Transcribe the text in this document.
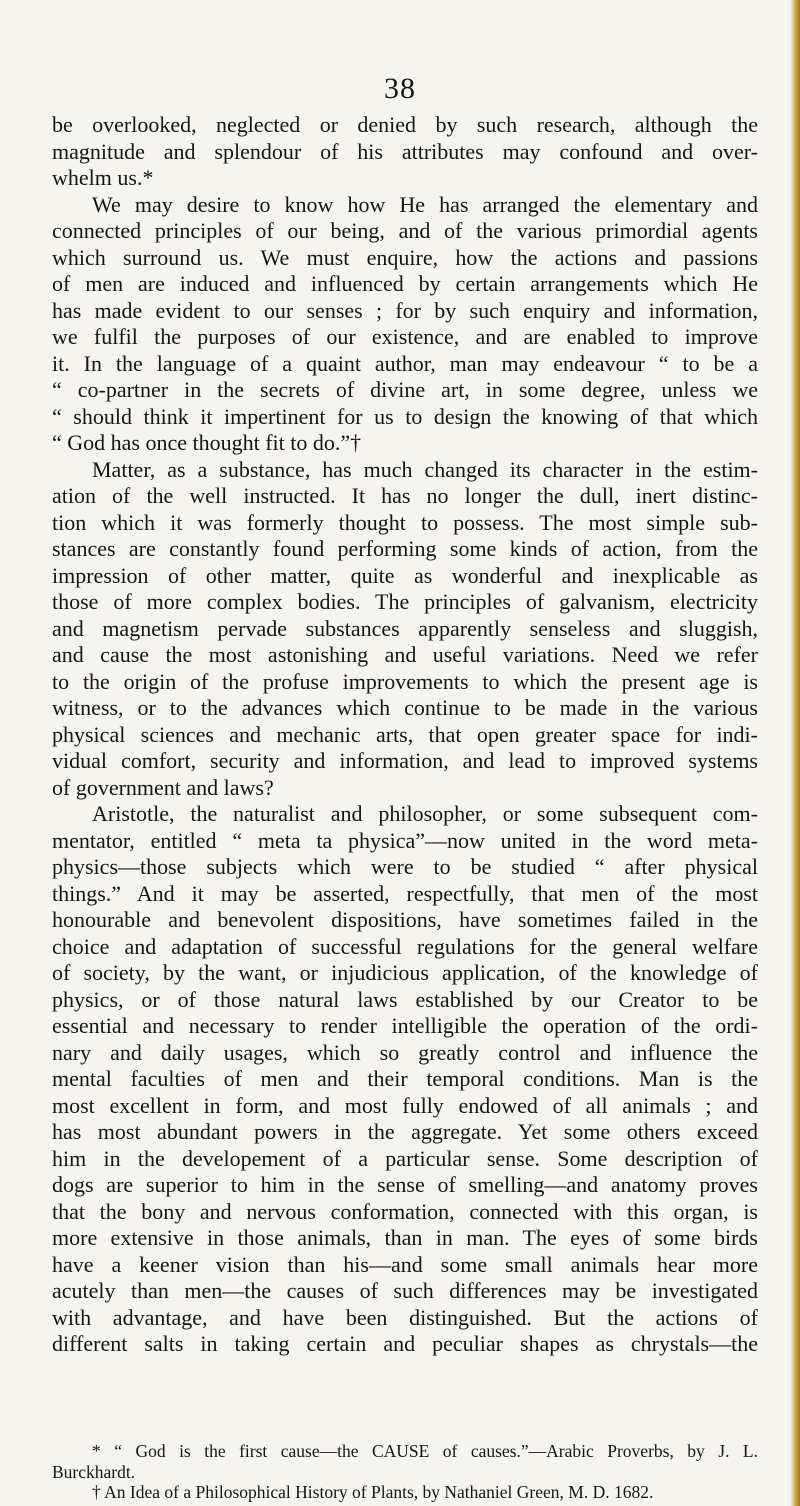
38
be overlooked, neglected or denied by such research, although the
magnitude and splendour of his attributes may confound and over-
whelm us.*
We may desire to know how He has arranged the elementary and
connected principles of our being, and of the various primordial agents
which surround us. We must enquire, how the actions and passions
of men are induced and influenced by certain arrangements which He
has made evident to our senses ; for by such enquiry and information,
we fulfil the purposes of our existence, and are enabled to improve
it. In the language of a quaint author, man may endeavour “ to be a
“ co-partner in the secrets of divine art, in some degree, unless we
“ should think it impertinent for us to design the knowing of that which
“ God has once thought fit to do.”†
Matter, as a substance, has much changed its character in the estim-
ation of the well instructed. It has no longer the dull, inert distinc-
tion which it was formerly thought to possess. The most simple sub-
stances are constantly found performing some kinds of action, from the
impression of other matter, quite as wonderful and inexplicable as
those of more complex bodies. The principles of galvanism, electricity
and magnetism pervade substances apparently senseless and sluggish,
and cause the most astonishing and useful variations. Need we refer
to the origin of the profuse improvements to which the present age is
witness, or to the advances which continue to be made in the various
physical sciences and mechanic arts, that open greater space for indi-
vidual comfort, security and information, and lead to improved systems
of government and laws?
Aristotle, the naturalist and philosopher, or some subsequent com-
mentator, entitled “ meta ta physica”—now united in the word meta-
physics—those subjects which were to be studied “ after physical
things.” And it may be asserted, respectfully, that men of the most
honourable and benevolent dispositions, have sometimes failed in the
choice and adaptation of successful regulations for the general welfare
of society, by the want, or injudicious application, of the knowledge of
physics, or of those natural laws established by our Creator to be
essential and necessary to render intelligible the operation of the ordi-
nary and daily usages, which so greatly control and influence the
mental faculties of men and their temporal conditions. Man is the
most excellent in form, and most fully endowed of all animals ; and
has most abundant powers in the aggregate. Yet some others exceed
him in the developement of a particular sense. Some description of
dogs are superior to him in the sense of smelling—and anatomy proves
that the bony and nervous conformation, connected with this organ, is
more extensive in those animals, than in man. The eyes of some birds
have a keener vision than his—and some small animals hear more
acutely than men—the causes of such differences may be investigated
with advantage, and have been distinguished. But the actions of
different salts in taking certain and peculiar shapes as chrystals—the
* “ God is the first cause—the CAUSE of causes.”—Arabic Proverbs, by J. L.
Burckhardt.
† An Idea of a Philosophical History of Plants, by Nathaniel Green, M. D. 1682.
